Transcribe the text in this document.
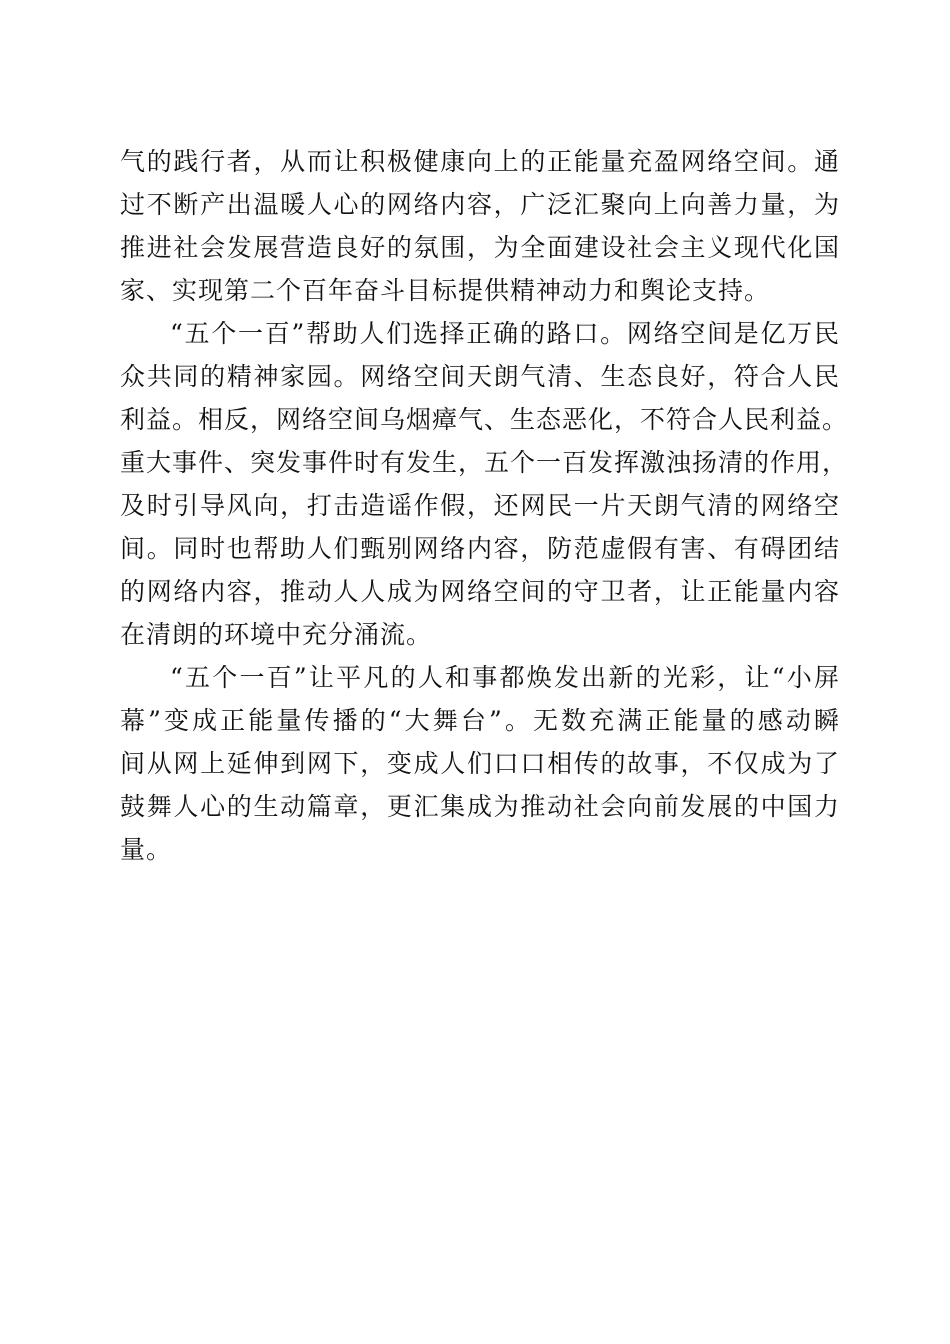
气的践行者，从而让积极健康向上的正能量充盈网络空间。通
过不断产出温暖人心的网络内容，广泛汇聚向上向善力量，为
推进社会发展营造良好的氛围，为全面建设社会主义现代化国
家、实现第二个百年奋斗目标提供精神动力和舆论支持。
“五个一百”帮助人们选择正确的路口。网络空间是亿万民
众共同的精神家园。网络空间天朗气清、生态良好，符合人民
利益。相反，网络空间乌烟瘴气、生态恶化，不符合人民利益。
重大事件、突发事件时有发生，五个一百发挥激浊扬清的作用，
及时引导风向，打击造谣作假，还网民一片天朗气清的网络空
间。同时也帮助人们甄别网络内容，防范虚假有害、有碍团结
的网络内容，推动人人成为网络空间的守卫者，让正能量内容
在清朗的环境中充分涌流。
“五个一百”让平凡的人和事都焕发出新的光彩，让“小屏
幕”变成正能量传播的“大舞台”。无数充满正能量的感动瞬
间从网上延伸到网下，变成人们口口相传的故事，不仅成为了
鼓舞人心的生动篇章，更汇集成为推动社会向前发展的中国力
量。
